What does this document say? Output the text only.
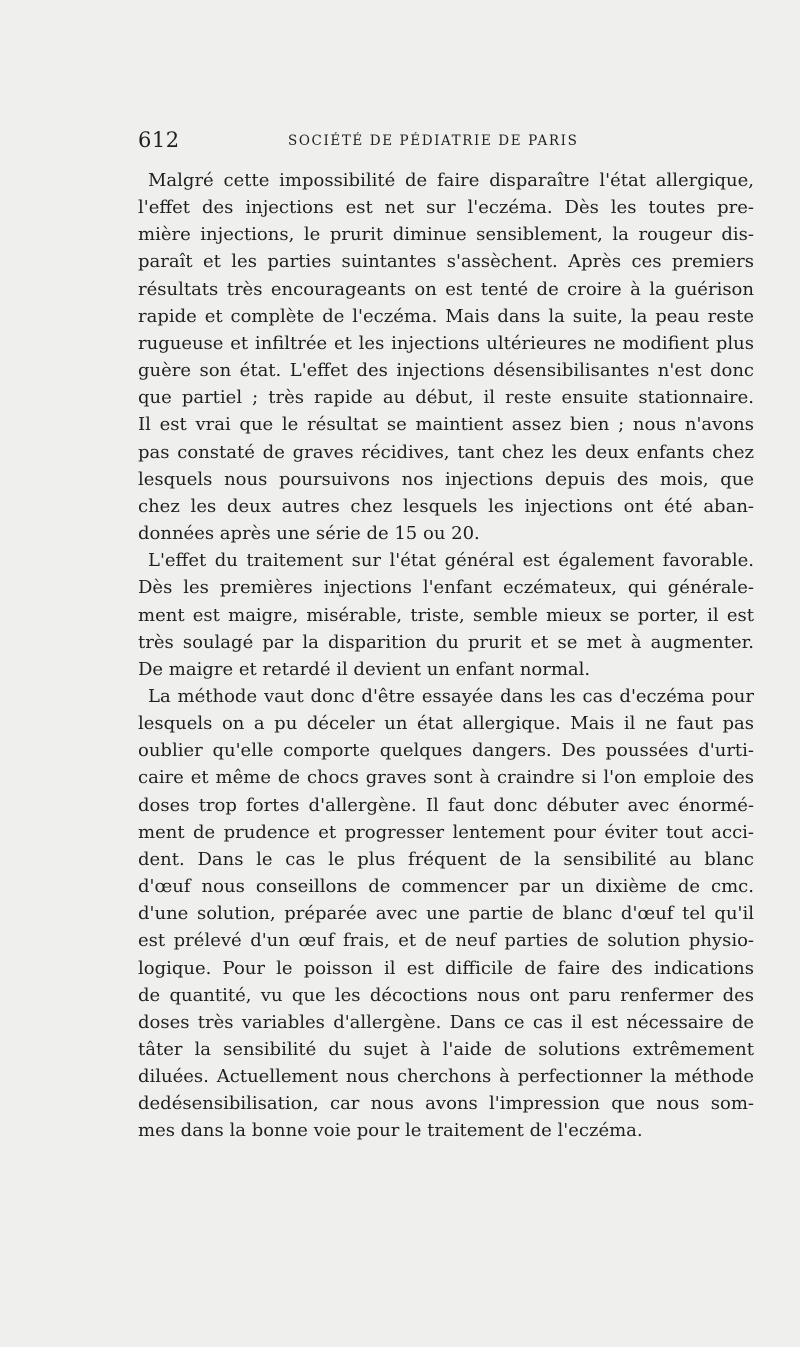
612	SOCIÉTÉ DE PÉDIATRIE DE PARIS

Malgré cette impossibilité de faire disparaître l'état allergique,
l'effet des injections est net sur l'eczéma. Dès les toutes pre-
mière injections, le prurit diminue sensiblement, la rougeur dis-
paraît et les parties suintantes s'assèchent. Après ces premiers
résultats très encourageants on est tenté de croire à la guérison
rapide et complète de l'eczéma. Mais dans la suite, la peau reste
rugueuse et infiltrée et les injections ultérieures ne modifient plus
guère son état. L'effet des injections désensibilisantes n'est donc
que partiel ; très rapide au début, il reste ensuite stationnaire.
Il est vrai que le résultat se maintient assez bien ; nous n'avons
pas constaté de graves récidives, tant chez les deux enfants chez
lesquels nous poursuivons nos injections depuis des mois, que
chez les deux autres chez lesquels les injections ont été aban-
données après une série de 15 ou 20.

L'effet du traitement sur l'état général est également favorable.
Dès les premières injections l'enfant eczémateux, qui générale-
ment est maigre, misérable, triste, semble mieux se porter, il est
très soulagé par la disparition du prurit et se met à augmenter.
De maigre et retardé il devient un enfant normal.

La méthode vaut donc d'être essayée dans les cas d'eczéma pour
lesquels on a pu déceler un état allergique. Mais il ne faut pas
oublier qu'elle comporte quelques dangers. Des poussées d'urti-
caire et même de chocs graves sont à craindre si l'on emploie des
doses trop fortes d'allergène. Il faut donc débuter avec énormé-
ment de prudence et progresser lentement pour éviter tout acci-
dent. Dans le cas le plus fréquent de la sensibilité au blanc
d'œuf nous conseillons de commencer par un dixième de cmc.
d'une solution, préparée avec une partie de blanc d'œuf tel qu'il
est prélevé d'un œuf frais, et de neuf parties de solution physio-
logique. Pour le poisson il est difficile de faire des indications
de quantité, vu que les décoctions nous ont paru renfermer des
doses très variables d'allergène. Dans ce cas il est nécessaire de
tâter la sensibilité du sujet à l'aide de solutions extrêmement
diluées. Actuellement nous cherchons à perfectionner la méthode
dedésensibilisation, car nous avons l'impression que nous som-
mes dans la bonne voie pour le traitement de l'eczéma.
